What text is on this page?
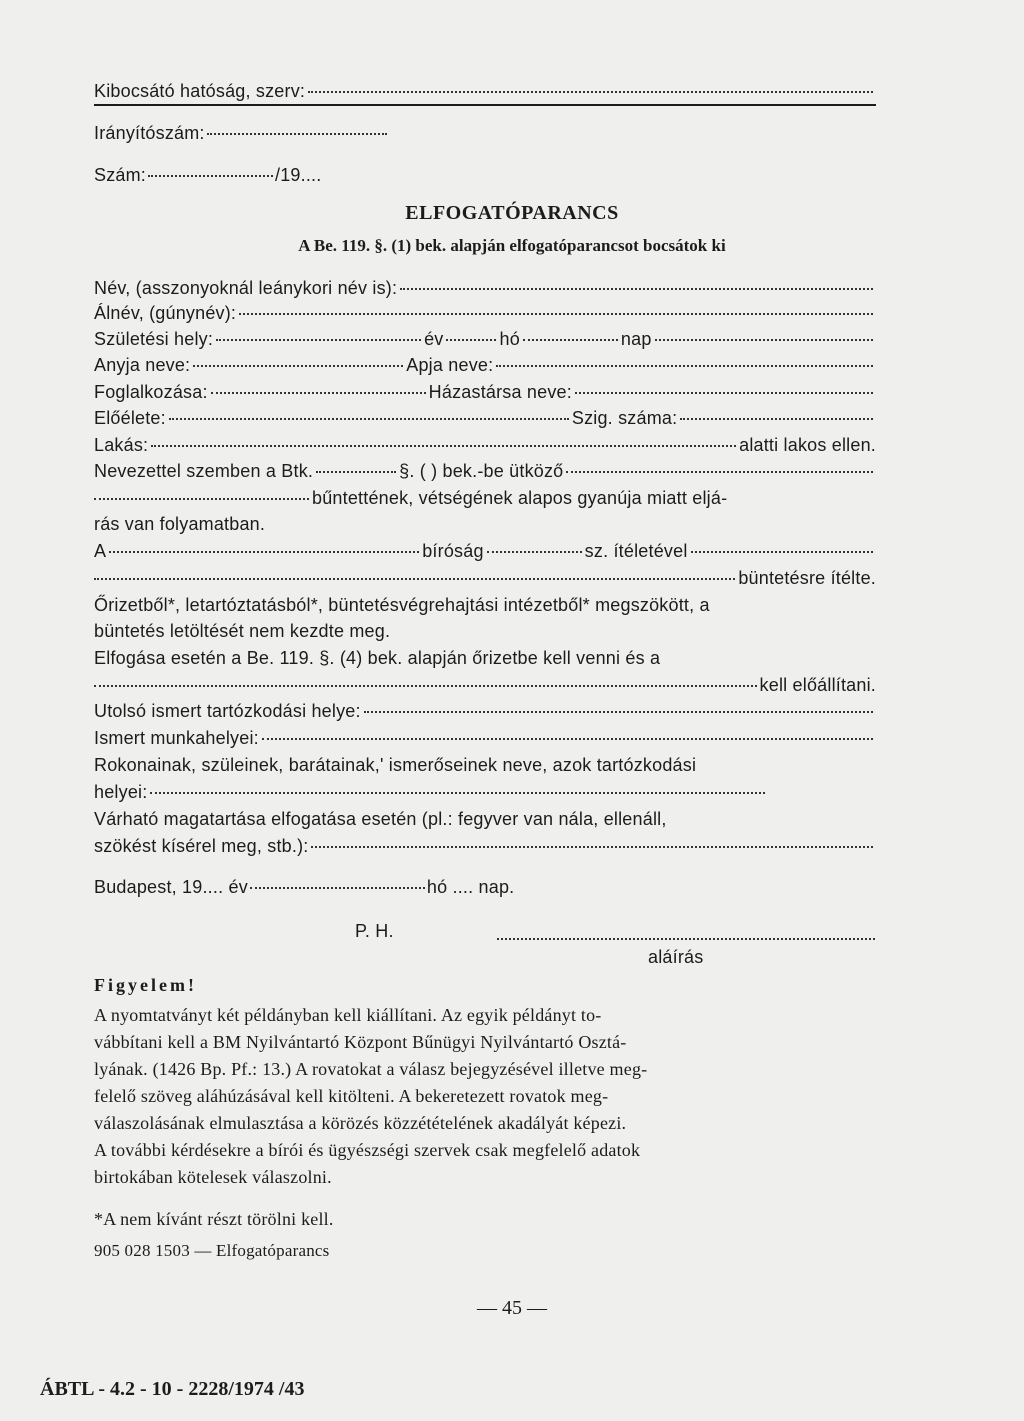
Kibocsátó hatóság, szerv:
Irányítószám:
Szám:	/19....
ELFOGATÓPARANCS
A Be. 119. §. (1) bek. alapján elfogatóparancsot bocsátok ki
Név, (asszonyoknál leánykori név is):
Álnév, (gúnynév):
Születési hely:	év	hó	nap
Anyja neve:	Apja neve:
Foglalkozása:	Házastársa neve:
Előélete:	Szig. száma:
Lakás:	alatti lakos ellen.
Nevezettel szemben a Btk.	§. ( ) bek.-be ütköző
bűntettének, vétségének alapos gyanúja miatt eljá-
rás van folyamatban.
A	bíróság	sz. ítéletével
büntetésre ítélte.
Őrizetből*, letartóztatásból*, büntetésvégrehajtási intézetből* megszökött, a
büntetés letöltését nem kezdte meg.
Elfogása esetén a Be. 119. §. (4) bek. alapján őrizetbe kell venni és a
kell előállítani.
Utolsó ismert tartózkodási helye:
Ismert munkahelyei:
Rokonainak, szüleinek, barátainak,' ismerőseinek neve, azok tartózkodási
helyei:
Várható magatartása elfogatása esetén (pl.: fegyver van nála, ellenáll,
szökést kísérel meg, stb.):
Budapest, 19.... év	hó .... nap.
P. H.
aláírás
Figyelem!
A nyomtatványt két példányban kell kiállítani. Az egyik példányt to-
vábbítani kell a BM Nyilvántartó Központ Bűnügyi Nyilvántartó Osztá-
lyának. (1426 Bp. Pf.: 13.) A rovatokat a válasz bejegyzésével illetve meg-
felelő szöveg aláhúzásával kell kitölteni. A bekeretezett rovatok meg-
válaszolásának elmulasztása a körözés közzétételének akadályát képezi.
A további kérdésekre a bírói és ügyészségi szervek csak megfelelő adatok
birtokában kötelesek válaszolni.
*A nem kívánt részt törölni kell.
905 028 1503 — Elfogatóparancs
— 45 —
ÁBTL - 4.2 - 10 - 2228/1974 /43
